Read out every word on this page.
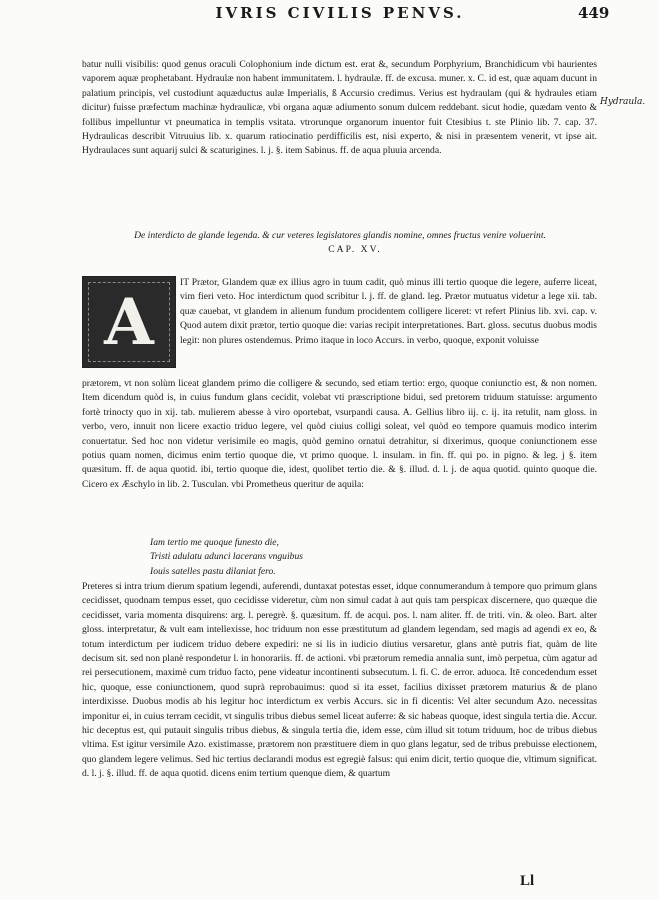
IVRIS CIVILIS PENVS.	449
Hydraula.

batur nulli visibilis: quod genus oraculi Colophonium inde dictum est. erat &, secundum Porphyrium, Branchidicum vbi haurientes vaporem aquæ prophetabant. Hydraulæ non habent immunitatem. l. hydraulæ. ff. de excusa. muner. x. C. id est, quæ aquam ducunt in palatium principis, vel custodiunt aquæductus aulæ Imperialis, ß Accursio credimus. Verius est hydraulam (qui & hydraules etiam dicitur) fuisse præfectum machinæ hydraulicæ, vbi organa aquæ adiumento sonum dulcem reddebant. sicut hodie, quædam vento & follibus impelluntur vt pneumatica in templis vsitata. vtrorunque organorum inuentor fuit Ctesibius t. ste Plinio lib. 7. cap. 37. Hydraulicas describit Vitruuius lib. x. quarum ratiocinatio perdifficilis est, nisi experto, & nisi in præsentem venerit, vt ipse ait. Hydraulaces sunt aquarij sulci & scaturigines. l. j. §. item Sabinus. ff. de aqua pluuia arcenda.

De interdicto de glande legenda. & cur veteres legislatores glandis nomine, omnes fructus venire voluerint. CAP. XV.
A

IT Prætor, Glandem quæ ex illius agro in tuum cadit, quò minus illi tertio quoque die legere, auferre liceat, vim fieri veto. Hoc interdictum quod scribitur l. j. ff. de gland. leg. Prætor mutuatus videtur a lege xii. tab. quæ cauebat, vt glandem in alienum fundum procidentem colligere liceret: vt refert Plinius lib. xvi. cap. v. Quod autem dixit prætor, tertio quoque die: varias recipit interpretationes. Bart. gloss. secutus duobus modis legit: non plures ostendemus. Primo itaque in loco Accurs. in verbo, quoque, exponit voluisse

prætorem, vt non solùm liceat glandem primo die colligere & secundo, sed etiam tertio: ergo, quoque coniunctio est, & non nomen. Item dicendum quòd is, in cuius fundum glans cecidit, volebat vti præscriptione bidui, sed pretorem triduum statuisse: argumento fortè trinocty quo in xij. tab. mulierem abesse à viro oportebat, vsurpandi causa. A. Gellius libro iij. c. ij. ita retulit, nam gloss. in verbo, vero, innuit non licere exactio triduo legere, vel quòd ciuius colligi soleat, vel quòd eo tempore quamuis modico interim conuertatur. Sed hoc non videtur verisimile eo magis, quòd gemino ornatui detrahitur, si dixerimus, quoque coniunctionem esse potius quam nomen, dicimus enim tertio quoque die, vt primo quoque. l. insulam. in fin. ff. qui po. in pigno. & leg. j §. item quæsitum. ff. de aqua quotid. ibi, tertio quoque die, idest, quolibet tertio die. & §. illud. d. l. j. de aqua quotid. quinto quoque die. Cicero ex Æschylo in lib. 2. Tusculan. vbi Prometheus queritur de aquila:

Iam tertio me quoque funesto die,
Tristi adulatu adunci lacerans vnguibus
Iouis satelles pastu dilaniat fero.

Preteres si intra trium dierum spatium legendi, auferendi, duntaxat potestas esset, idque connumerandum à tempore quo primum glans cecidisset, quodnam tempus esset, quo cecidisse videretur, cùm non simul cadat à aut quis tam perspicax discernere, quo quæque die cecidisset, varia momenta disquirens: arg. l. peregrè. §. quæsitum. ff. de acqui. pos. l. nam aliter. ff. de triti. vin. & oleo. Bart. alter gloss. interpretatur, & vult eam intellexisse, hoc triduum non esse præstitutum ad glandem legendam, sed magis ad agendi ex eo, & totum interdictum per iudicem triduo debere expediri: ne si lis in iudicio diutius versaretur, glans antè putris fiat, quàm de lite decisum sit. sed non planè respondetur l. in honorariis. ff. de actioni. vbi prætorum remedia annalia sunt, imò perpetua, cùm agatur ad rei persecutionem, maximè cum triduo facto, pene videatur incontinenti subsecutum. l. fi. C. de error. aduoca. Itē concedendum esset hic, quoque, esse coniunctionem, quod suprà reprobauimus: quod si ita esset, facilius dixisset prætorem maturius & de plano interdixisse. Duobus modis ab his legitur hoc interdictum ex verbis Accurs. sic in fi dicentis: Vel alter secundum Azo. necessitas imponitur ei, in cuius terram cecidit, vt singulis tribus diebus semel liceat auferre: & sic habeas quoque, idest singula tertia die. Accur. hic deceptus est, qui putauit singulis tribus diebus, & singula tertia die, idem esse, cùm illud sit totum triduum, hoc de tribus diebus vltima. Est igitur versimile Azo. existimasse, prætorem non præstituere diem in quo glans legatur, sed de tribus prebuisse electionem, quo glandem legere velimus. Sed hic tertius declarandi modus est egregiè falsus: qui enim dicit, tertio quoque die, vltimum significat. d. l. j. §. illud. ff. de aqua quotid. dicens enim tertium quenque diem, & quartum

Ll
